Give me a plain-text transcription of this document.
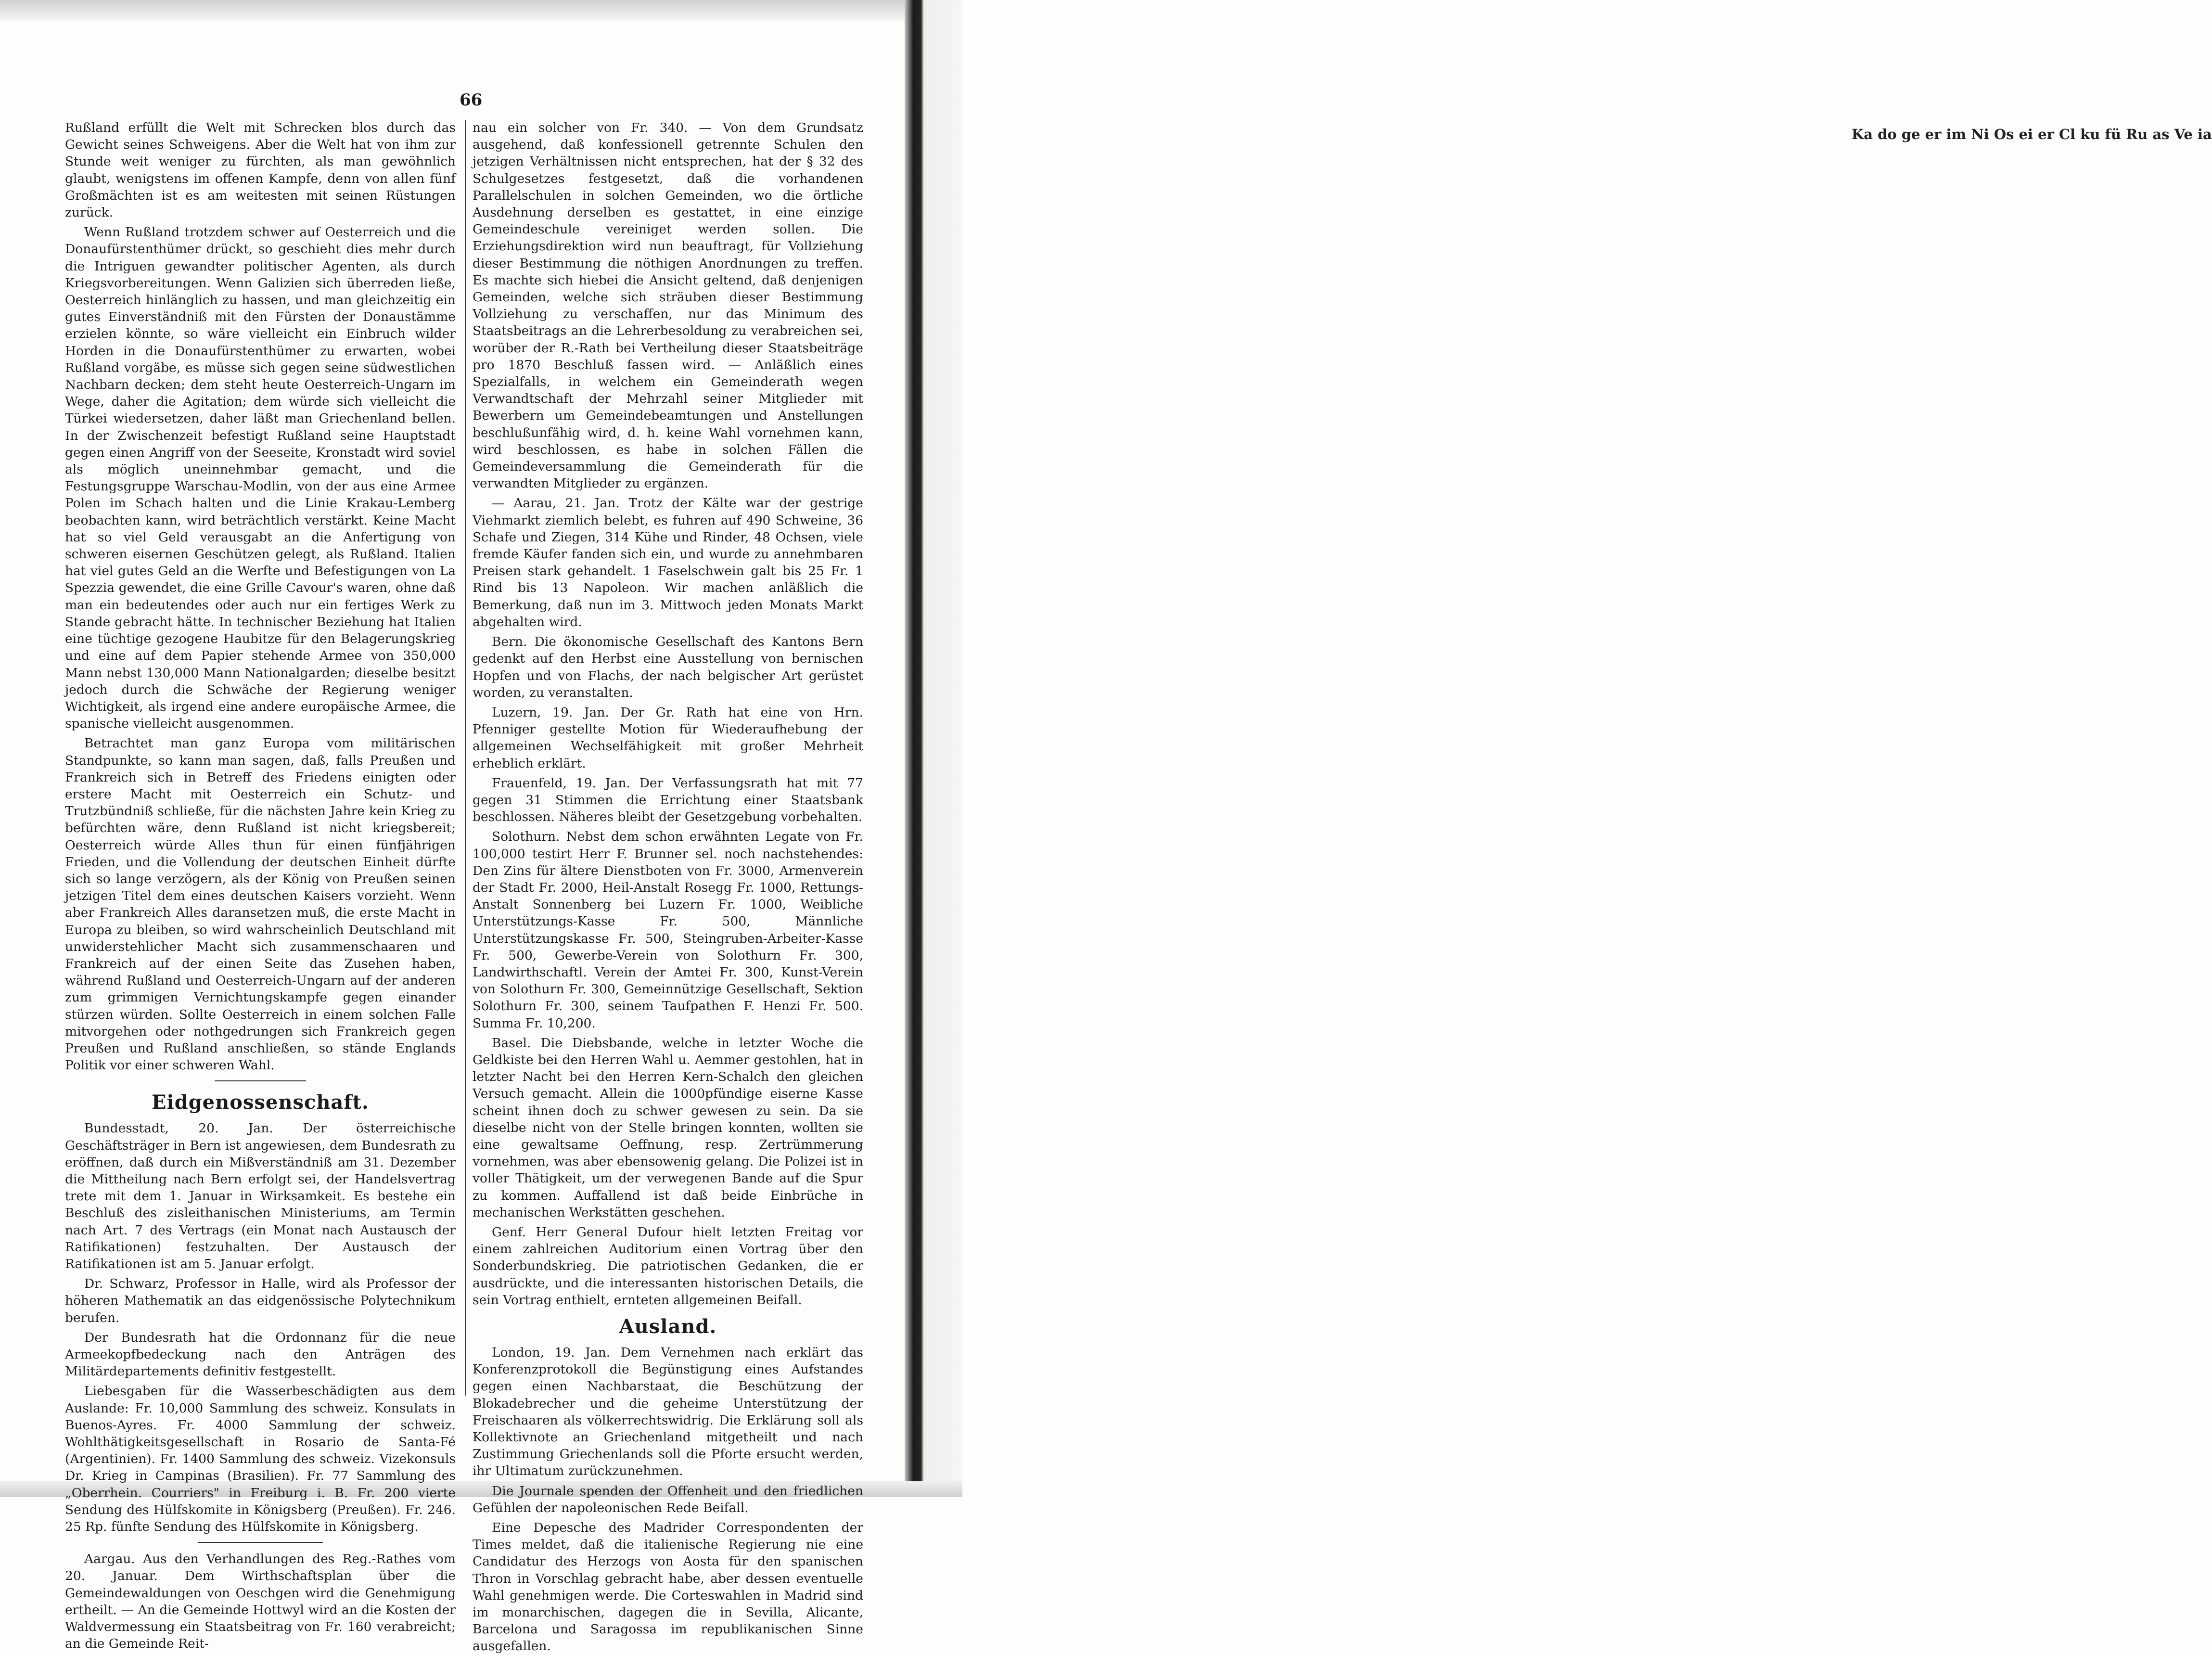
Ka do ge er im Ni Os ei er Cl ku fü Ru as Ve ia
66

Rußland erfüllt die Welt mit Schrecken blos durch das Gewicht seines Schweigens. Aber die Welt hat von ihm zur Stunde weit weniger zu fürchten, als man gewöhnlich glaubt, wenigstens im offenen Kampfe, denn von allen fünf Großmächten ist es am weitesten mit seinen Rüstungen zurück.

Wenn Rußland trotzdem schwer auf Oesterreich und die Donaufürstenthümer drückt, so geschieht dies mehr durch die Intriguen gewandter politischer Agenten, als durch Kriegsvorbereitungen. Wenn Galizien sich überreden ließe, Oesterreich hinlänglich zu hassen, und man gleichzeitig ein gutes Einverständniß mit den Fürsten der Donaustämme erzielen könnte, so wäre vielleicht ein Einbruch wilder Horden in die Donaufürstenthümer zu erwarten, wobei Rußland vorgäbe, es müsse sich gegen seine südwestlichen Nachbarn decken; dem steht heute Oesterreich-Ungarn im Wege, daher die Agitation; dem würde sich vielleicht die Türkei wiedersetzen, daher läßt man Griechenland bellen. In der Zwischenzeit befestigt Rußland seine Hauptstadt gegen einen Angriff von der Seeseite, Kronstadt wird soviel als möglich uneinnehmbar gemacht, und die Festungsgruppe Warschau-Modlin, von der aus eine Armee Polen im Schach halten und die Linie Krakau-Lemberg beobachten kann, wird beträchtlich verstärkt. Keine Macht hat so viel Geld verausgabt an die Anfertigung von schweren eisernen Geschützen gelegt, als Rußland. Italien hat viel gutes Geld an die Werfte und Befestigungen von La Spezzia gewendet, die eine Grille Cavour's waren, ohne daß man ein bedeutendes oder auch nur ein fertiges Werk zu Stande gebracht hätte. In technischer Beziehung hat Italien eine tüchtige gezogene Haubitze für den Belagerungskrieg und eine auf dem Papier stehende Armee von 350,000 Mann nebst 130,000 Mann Nationalgarden; dieselbe besitzt jedoch durch die Schwäche der Regierung weniger Wichtigkeit, als irgend eine andere europäische Armee, die spanische vielleicht ausgenommen.

Betrachtet man ganz Europa vom militärischen Standpunkte, so kann man sagen, daß, falls Preußen und Frankreich sich in Betreff des Friedens einigten oder erstere Macht mit Oesterreich ein Schutz- und Trutzbündniß schließe, für die nächsten Jahre kein Krieg zu befürchten wäre, denn Rußland ist nicht kriegsbereit; Oesterreich würde Alles thun für einen fünfjährigen Frieden, und die Vollendung der deutschen Einheit dürfte sich so lange verzögern, als der König von Preußen seinen jetzigen Titel dem eines deutschen Kaisers vorzieht. Wenn aber Frankreich Alles daransetzen muß, die erste Macht in Europa zu bleiben, so wird wahrscheinlich Deutschland mit unwiderstehlicher Macht sich zusammenschaaren und Frankreich auf der einen Seite das Zusehen haben, während Rußland und Oesterreich-Ungarn auf der anderen zum grimmigen Vernichtungskampfe gegen einander stürzen würden. Sollte Oesterreich in einem solchen Falle mitvorgehen oder nothgedrungen sich Frankreich gegen Preußen und Rußland anschließen, so stände Englands Politik vor einer schweren Wahl.

Eidgenossenschaft.

Bundesstadt, 20. Jan. Der österreichische Geschäftsträger in Bern ist angewiesen, dem Bundesrath zu eröffnen, daß durch ein Mißverständniß am 31. Dezember die Mittheilung nach Bern erfolgt sei, der Handelsvertrag trete mit dem 1. Januar in Wirksamkeit. Es bestehe ein Beschluß des zisleithanischen Ministeriums, am Termin nach Art. 7 des Vertrags (ein Monat nach Austausch der Ratifikationen) festzuhalten. Der Austausch der Ratifikationen ist am 5. Januar erfolgt.

Dr. Schwarz, Professor in Halle, wird als Professor der höheren Mathematik an das eidgenössische Polytechnikum berufen.

Der Bundesrath hat die Ordonnanz für die neue Armeekopfbedeckung nach den Anträgen des Militärdepartements definitiv festgestellt.

Liebesgaben für die Wasserbeschädigten aus dem Auslande: Fr. 10,000 Sammlung des schweiz. Konsulats in Buenos-Ayres. Fr. 4000 Sammlung der schweiz. Wohlthätigkeitsgesellschaft in Rosario de Santa-Fé (Argentinien). Fr. 1400 Sammlung des schweiz. Vizekonsuls Dr. Krieg in Campinas (Brasilien). Fr. 77 Sammlung des „Oberrhein. Courriers" in Freiburg i. B. Fr. 200 vierte Sendung des Hülfskomite in Königsberg (Preußen). Fr. 246. 25 Rp. fünfte Sendung des Hülfskomite in Königsberg.

Aargau. Aus den Verhandlungen des Reg.-Rathes vom 20. Januar. Dem Wirthschaftsplan über die Gemeindewaldungen von Oeschgen wird die Genehmigung ertheilt. — An die Gemeinde Hottwyl wird an die Kosten der Waldvermessung ein Staatsbeitrag von Fr. 160 verabreicht; an die Gemeinde Reit-

nau ein solcher von Fr. 340. — Von dem Grundsatz ausgehend, daß konfessionell getrennte Schulen den jetzigen Verhältnissen nicht entsprechen, hat der § 32 des Schulgesetzes festgesetzt, daß die vorhandenen Parallelschulen in solchen Gemeinden, wo die örtliche Ausdehnung derselben es gestattet, in eine einzige Gemeindeschule vereiniget werden sollen. Die Erziehungsdirektion wird nun beauftragt, für Vollziehung dieser Bestimmung die nöthigen Anordnungen zu treffen. Es machte sich hiebei die Ansicht geltend, daß denjenigen Gemeinden, welche sich sträuben dieser Bestimmung Vollziehung zu verschaffen, nur das Minimum des Staatsbeitrags an die Lehrerbesoldung zu verabreichen sei, worüber der R.-Rath bei Vertheilung dieser Staatsbeiträge pro 1870 Beschluß fassen wird. — Anläßlich eines Spezialfalls, in welchem ein Gemeinderath wegen Verwandtschaft der Mehrzahl seiner Mitglieder mit Bewerbern um Gemeindebeamtungen und Anstellungen beschlußunfähig wird, d. h. keine Wahl vornehmen kann, wird beschlossen, es habe in solchen Fällen die Gemeindeversammlung die Gemeinderath für die verwandten Mitglieder zu ergänzen.

— Aarau, 21. Jan. Trotz der Kälte war der gestrige Viehmarkt ziemlich belebt, es fuhren auf 490 Schweine, 36 Schafe und Ziegen, 314 Kühe und Rinder, 48 Ochsen, viele fremde Käufer fanden sich ein, und wurde zu annehmbaren Preisen stark gehandelt. 1 Faselschwein galt bis 25 Fr. 1 Rind bis 13 Napoleon. Wir machen anläßlich die Bemerkung, daß nun im 3. Mittwoch jeden Monats Markt abgehalten wird.

Bern. Die ökonomische Gesellschaft des Kantons Bern gedenkt auf den Herbst eine Ausstellung von bernischen Hopfen und von Flachs, der nach belgischer Art gerüstet worden, zu veranstalten.

Luzern, 19. Jan. Der Gr. Rath hat eine von Hrn. Pfenniger gestellte Motion für Wiederaufhebung der allgemeinen Wechselfähigkeit mit großer Mehrheit erheblich erklärt.

Frauenfeld, 19. Jan. Der Verfassungsrath hat mit 77 gegen 31 Stimmen die Errichtung einer Staatsbank beschlossen. Näheres bleibt der Gesetzgebung vorbehalten.

Solothurn. Nebst dem schon erwähnten Legate von Fr. 100,000 testirt Herr F. Brunner sel. noch nachstehendes: Den Zins für ältere Dienstboten von Fr. 3000, Armenverein der Stadt Fr. 2000, Heil-Anstalt Rosegg Fr. 1000, Rettungs-Anstalt Sonnenberg bei Luzern Fr. 1000, Weibliche Unterstützungs-Kasse Fr. 500, Männliche Unterstützungskasse Fr. 500, Steingruben-Arbeiter-Kasse Fr. 500, Gewerbe-Verein von Solothurn Fr. 300, Landwirthschaftl. Verein der Amtei Fr. 300, Kunst-Verein von Solothurn Fr. 300, Gemeinnützige Gesellschaft, Sektion Solothurn Fr. 300, seinem Taufpathen F. Henzi Fr. 500. Summa Fr. 10,200.

Basel. Die Diebsbande, welche in letzter Woche die Geldkiste bei den Herren Wahl u. Aemmer gestohlen, hat in letzter Nacht bei den Herren Kern-Schalch den gleichen Versuch gemacht. Allein die 1000pfündige eiserne Kasse scheint ihnen doch zu schwer gewesen zu sein. Da sie dieselbe nicht von der Stelle bringen konnten, wollten sie eine gewaltsame Oeffnung, resp. Zertrümmerung vornehmen, was aber ebensowenig gelang. Die Polizei ist in voller Thätigkeit, um der verwegenen Bande auf die Spur zu kommen. Auffallend ist daß beide Einbrüche in mechanischen Werkstätten geschehen.

Genf. Herr General Dufour hielt letzten Freitag vor einem zahlreichen Auditorium einen Vortrag über den Sonderbundskrieg. Die patriotischen Gedanken, die er ausdrückte, und die interessanten historischen Details, die sein Vortrag enthielt, ernteten allgemeinen Beifall.

Ausland.

London, 19. Jan. Dem Vernehmen nach erklärt das Konferenzprotokoll die Begünstigung eines Aufstandes gegen einen Nachbarstaat, die Beschützung der Blokadebrecher und die geheime Unterstützung der Freischaaren als völkerrechtswidrig. Die Erklärung soll als Kollektivnote an Griechenland mitgetheilt und nach Zustimmung Griechenlands soll die Pforte ersucht werden, ihr Ultimatum zurückzunehmen.

Die Journale spenden der Offenheit und den friedlichen Gefühlen der napoleonischen Rede Beifall.

Eine Depesche des Madrider Correspondenten der Times meldet, daß die italienische Regierung nie eine Candidatur des Herzogs von Aosta für den spanischen Thron in Vorschlag gebracht habe, aber dessen eventuelle Wahl genehmigen werde. Die Corteswahlen in Madrid sind im monarchischen, dagegen die in Sevilla, Alicante, Barcelona und Saragossa im republikanischen Sinne ausgefallen.
